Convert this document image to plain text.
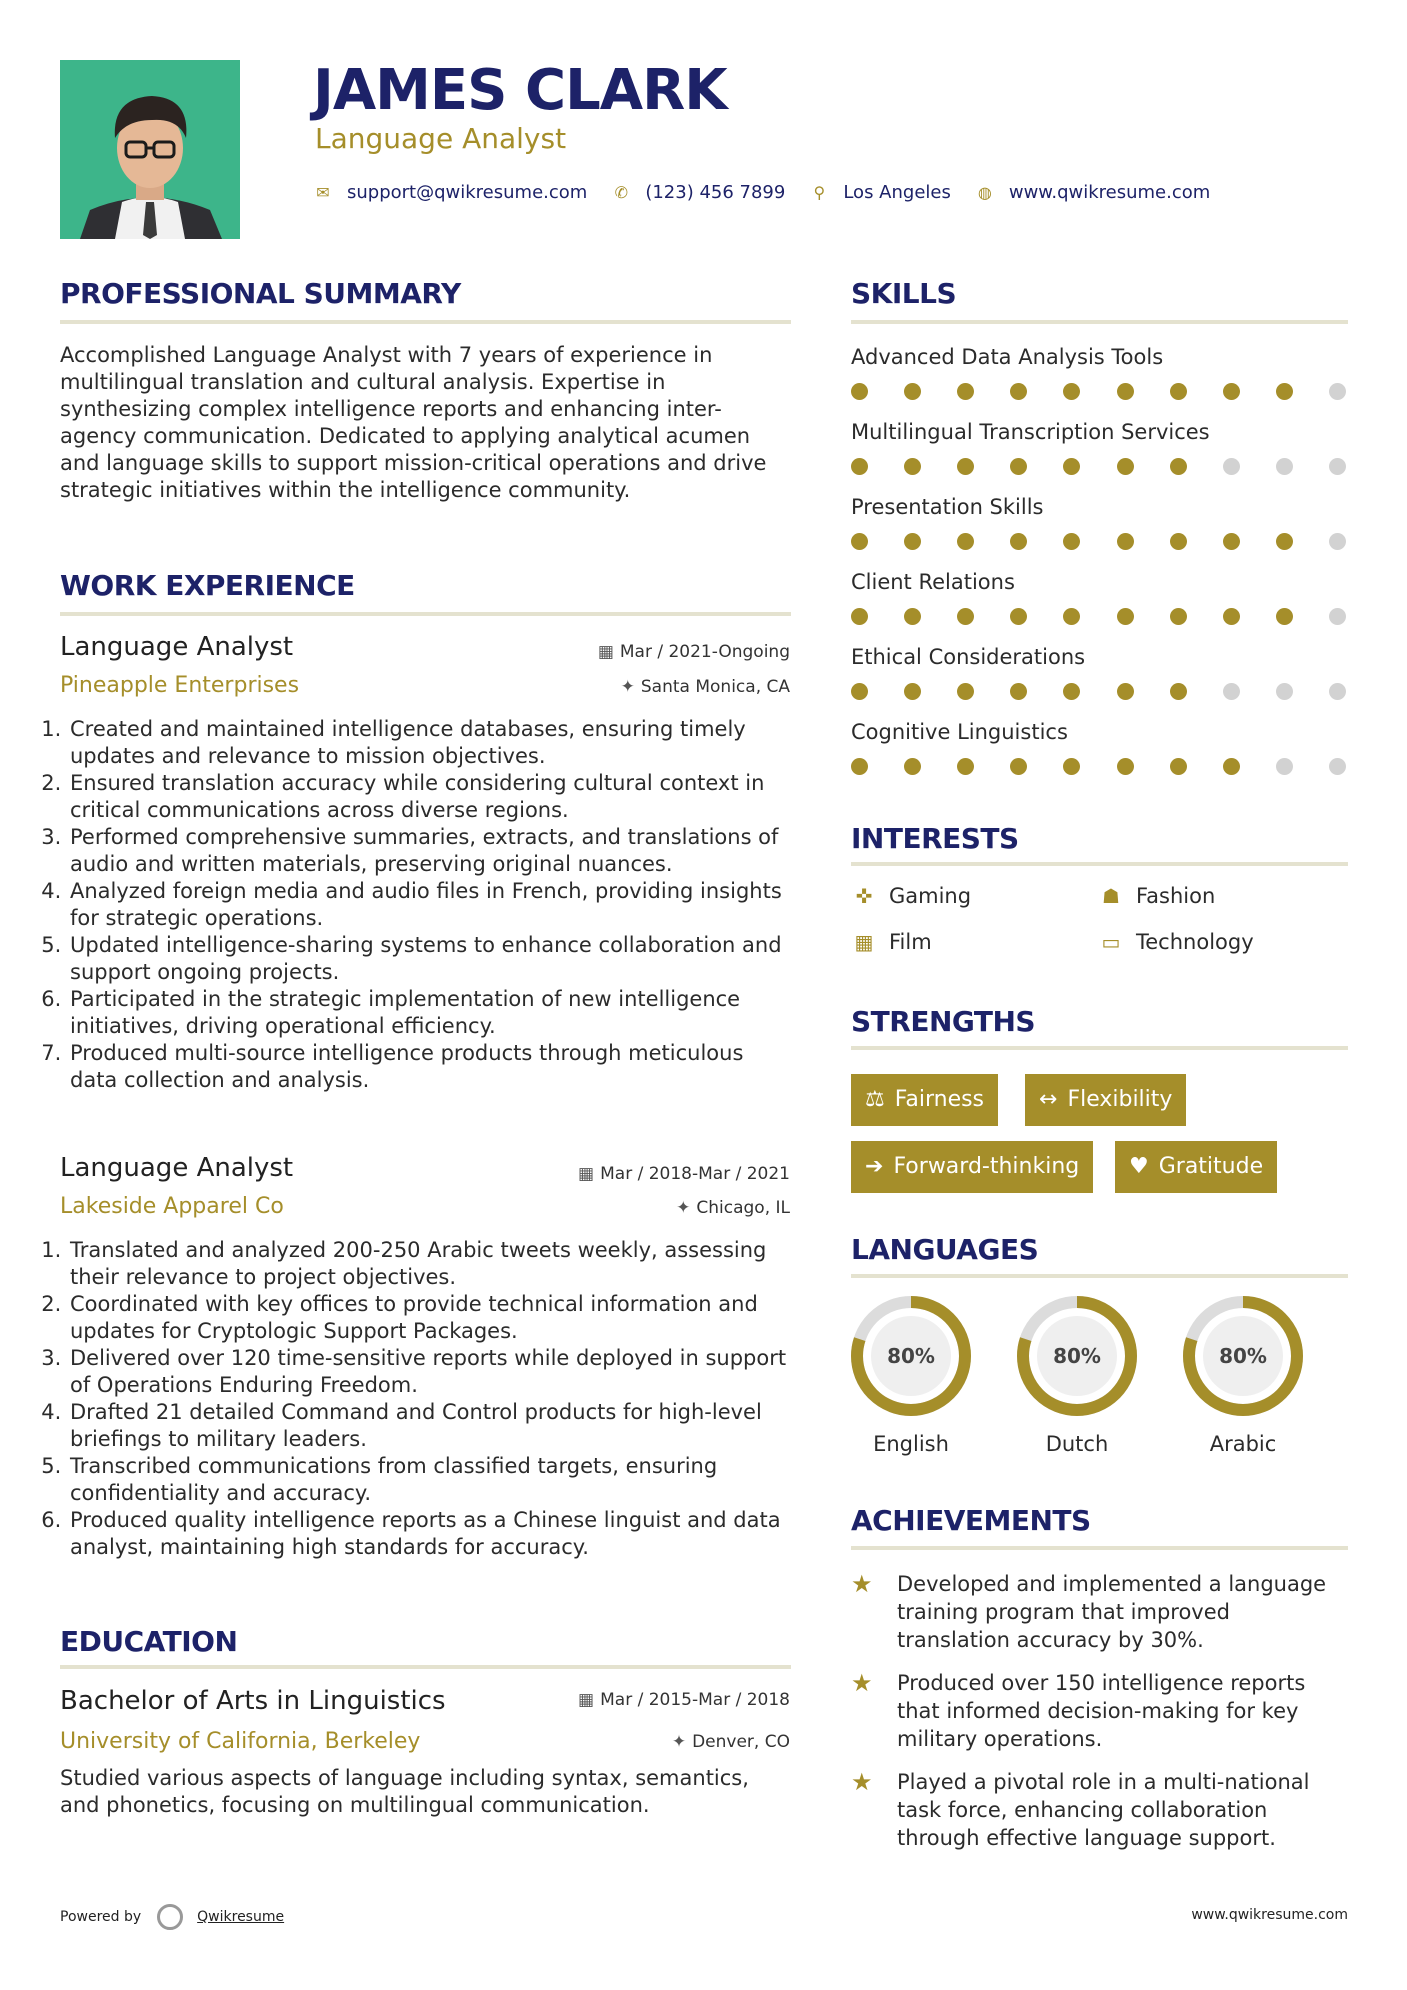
JAMES CLARK
Language Analyst
✉ support@qwikresume.com ✆ (123) 456 7899 ⚲ Los Angeles ◍ www.qwikresume.com
PROFESSIONAL SUMMARY
Accomplished Language Analyst with 7 years of experience in multilingual translation and cultural analysis. Expertise in synthesizing complex intelligence reports and enhancing inter-agency communication. Dedicated to applying analytical acumen and language skills to support mission-critical operations and drive strategic initiatives within the intelligence community.
WORK EXPERIENCE
Language Analyst	▦ Mar / 2021-Ongoing
Pineapple Enterprises	✦ Santa Monica, CA
1. Created and maintained intelligence databases, ensuring timely updates and relevance to mission objectives.
2. Ensured translation accuracy while considering cultural context in critical communications across diverse regions.
3. Performed comprehensive summaries, extracts, and translations of audio and written materials, preserving original nuances.
4. Analyzed foreign media and audio files in French, providing insights for strategic operations.
5. Updated intelligence-sharing systems to enhance collaboration and support ongoing projects.
6. Participated in the strategic implementation of new intelligence initiatives, driving operational efficiency.
7. Produced multi-source intelligence products through meticulous data collection and analysis.
Language Analyst	▦ Mar / 2018-Mar / 2021
Lakeside Apparel Co	✦ Chicago, IL
1. Translated and analyzed 200-250 Arabic tweets weekly, assessing their relevance to project objectives.
2. Coordinated with key offices to provide technical information and updates for Cryptologic Support Packages.
3. Delivered over 120 time-sensitive reports while deployed in support of Operations Enduring Freedom.
4. Drafted 21 detailed Command and Control products for high-level briefings to military leaders.
5. Transcribed communications from classified targets, ensuring confidentiality and accuracy.
6. Produced quality intelligence reports as a Chinese linguist and data analyst, maintaining high standards for accuracy.
EDUCATION
Bachelor of Arts in Linguistics	▦ Mar / 2015-Mar / 2018
University of California, Berkeley	✦ Denver, CO
Studied various aspects of language including syntax, semantics, and phonetics, focusing on multilingual communication.
SKILLS
Advanced Data Analysis Tools
Multilingual Transcription Services
Presentation Skills
Client Relations
Ethical Considerations
Cognitive Linguistics
INTERESTS
✜ Gaming	☗ Fashion
▦ Film	▭ Technology
STRENGTHS
⚖ Fairness	↔ Flexibility
➔ Forward-thinking	♥ Gratitude
LANGUAGES
80%
English
80%
Dutch
80%
Arabic
ACHIEVEMENTS
★	Developed and implemented a language training program that improved translation accuracy by 30%.
★	Produced over 150 intelligence reports that informed decision-making for key military operations.
★	Played a pivotal role in a multi-national task force, enhancing collaboration through effective language support.
Powered by	Qwikresume	www.qwikresume.com
